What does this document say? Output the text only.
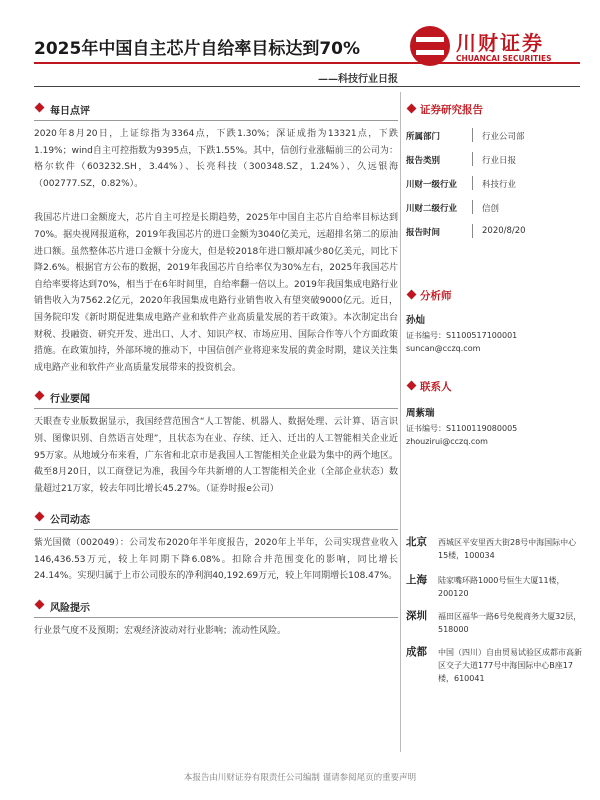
2025年中国自主芯片自给率目标达到70%
——科技行业日报
川财证券
CHUANCAI SECURITIES
每日点评

2020年8月20日，上证综指为3364点，下跌1.30%；深证成指为13321点，下跌1.19%；wind自主可控指数为9395点，下跌1.55%。其中，信创行业涨幅前三的公司为：格尔软件（603232.SH，3.44%）、长亮科技（300348.SZ，1.24%）、久远银海（002777.SZ，0.82%）。

我国芯片进口金额庞大，芯片自主可控是长期趋势，2025年中国自主芯片自给率目标达到70%。据央视网报道称，2019年我国芯片的进口金额为3040亿美元，远超排名第二的原油进口额。虽然整体芯片进口金额十分庞大，但是较2018年进口额却减少80亿美元，同比下降2.6%。根据官方公布的数据，2019年我国芯片自给率仅为30%左右，2025年我国芯片自给率要将达到70%，相当于在6年时间里，自给率翻一倍以上。2019年我国集成电路行业销售收入为7562.2亿元，2020年我国集成电路行业销售收入有望突破9000亿元。近日，国务院印发《新时期促进集成电路产业和软件产业高质量发展的若干政策》。本次制定出台财税、投融资、研究开发、进出口、人才、知识产权、市场应用、国际合作等八个方面政策措施。在政策加持，外部环境的推动下，中国信创产业将迎来发展的黄金时期，建议关注集成电路产业和软件产业高质量发展带来的投资机会。

行业要闻

天眼查专业版数据显示，我国经营范围含“人工智能、机器人、数据处理、云计算、语言识别、图像识别、自然语言处理”，且状态为在业、存续、迁入、迁出的人工智能相关企业近95万家。从地域分布来看，广东省和北京市是我国人工智能相关企业最为集中的两个地区。截至8月20日，以工商登记为准，我国今年共新增的人工智能相关企业（全部企业状态）数量超过21万家，较去年同比增长45.27%。（证券时报e公司）

公司动态

紫光国微（002049）：公司发布2020年半年度报告，2020年上半年，公司实现营业收入146,436.53万元，较上年同期下降6.08%。扣除合并范围变化的影响，同比增长24.14%。实现归属于上市公司股东的净利润40,192.69万元，较上年同期增长108.47%。

风险提示

行业景气度不及预期；宏观经济波动对行业影响；流动性风险。

证券研究报告
所属部门	行业公司部
报告类别	行业日报
川财一级行业	科技行业
川财二级行业	信创
报告时间	2020/8/20
分析师
孙灿
证书编号：S1100517100001
suncan@cczq.com
联系人
周紫瑞
证书编号：S1100119080005
zhouzirui@cczq.com
北京 西城区平安里西大街28号中海国际中心15楼，100034
上海 陆家嘴环路1000号恒生大厦11楼，200120
深圳 福田区福华一路6号免税商务大厦32层，518000
成都 中国（四川）自由贸易试验区成都市高新区交子大道177号中海国际中心B座17楼，610041
本报告由川财证券有限责任公司编制 谨请参阅尾页的重要声明
